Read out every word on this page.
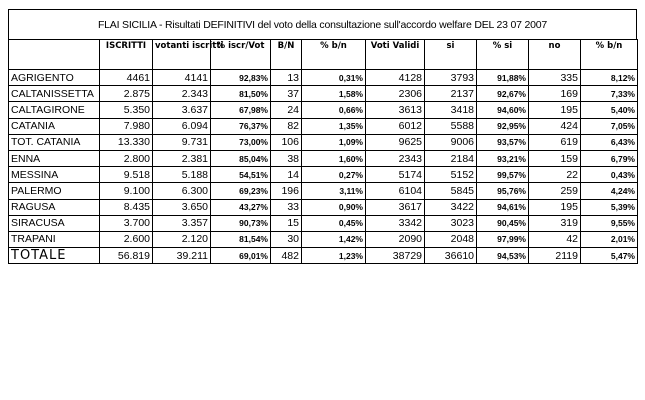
FLAI SICILIA - Risultati DEFINITIVI del voto della consultazione sull'accordo welfare DEL 23 07 2007
	ISCRITTI	votanti iscritti	% iscr/Vot	B/N	% b/n	Voti Validi	si	% si	no	% b/n
AGRIGENTO	4461	4141	92,83%	13	0,31%	4128	3793	91,88%	335	8,12%
CALTANISSETTA	2.875	2.343	81,50%	37	1,58%	2306	2137	92,67%	169	7,33%
CALTAGIRONE	5.350	3.637	67,98%	24	0,66%	3613	3418	94,60%	195	5,40%
CATANIA	7.980	6.094	76,37%	82	1,35%	6012	5588	92,95%	424	7,05%
TOT. CATANIA	13.330	9.731	73,00%	106	1,09%	9625	9006	93,57%	619	6,43%
ENNA	2.800	2.381	85,04%	38	1,60%	2343	2184	93,21%	159	6,79%
MESSINA	9.518	5.188	54,51%	14	0,27%	5174	5152	99,57%	22	0,43%
PALERMO	9.100	6.300	69,23%	196	3,11%	6104	5845	95,76%	259	4,24%
RAGUSA	8.435	3.650	43,27%	33	0,90%	3617	3422	94,61%	195	5,39%
SIRACUSA	3.700	3.357	90,73%	15	0,45%	3342	3023	90,45%	319	9,55%
TRAPANI	2.600	2.120	81,54%	30	1,42%	2090	2048	97,99%	42	2,01%
TOTALE	56.819	39.211	69,01%	482	1,23%	38729	36610	94,53%	2119	5,47%
